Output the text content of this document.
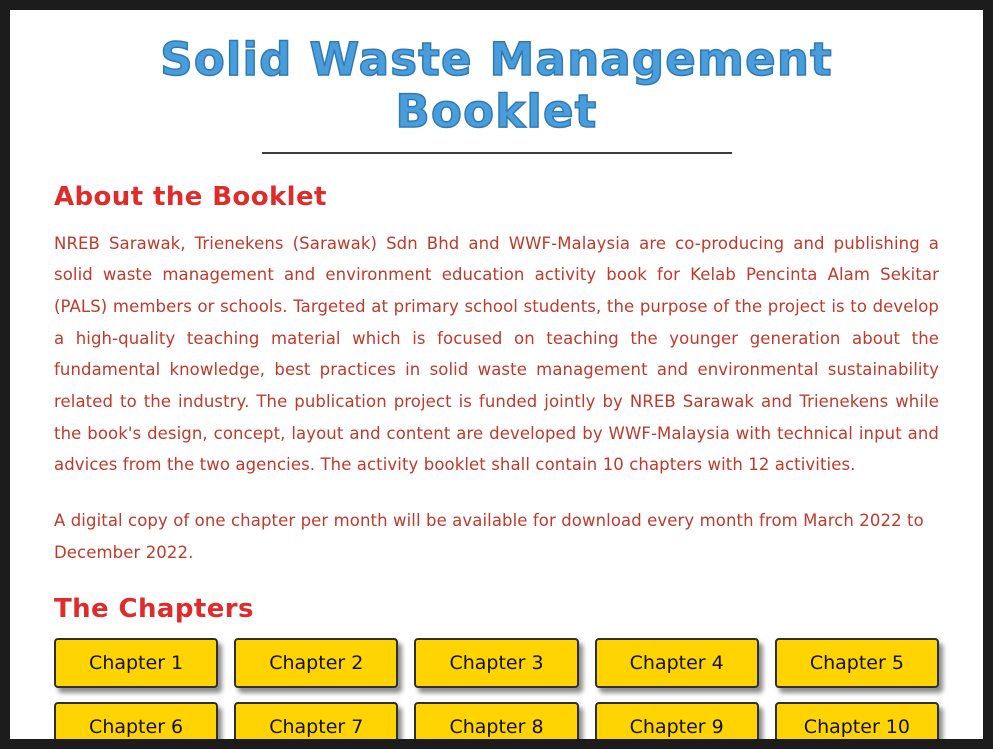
Solid Waste Management Booklet
About the Booklet

NREB Sarawak, Trienekens (Sarawak) Sdn Bhd and WWF-Malaysia are co-producing and publishing a solid waste management and environment education activity book for Kelab Pencinta Alam Sekitar (PALS) members or schools. Targeted at primary school students, the purpose of the project is to develop a high-quality teaching material which is focused on teaching the younger generation about the fundamental knowledge, best practices in solid waste management and environmental sustainability related to the industry. The publication project is funded jointly by NREB Sarawak and Trienekens while the book's design, concept, layout and content are developed by WWF-Malaysia with technical input and advices from the two agencies. The activity booklet shall contain 10 chapters with 12 activities.

A digital copy of one chapter per month will be available for download every month from March 2022 to December 2022.

The Chapters
Chapter 1	Chapter 2	Chapter 3	Chapter 4	Chapter 5
Chapter 6	Chapter 7	Chapter 8	Chapter 9	Chapter 10
